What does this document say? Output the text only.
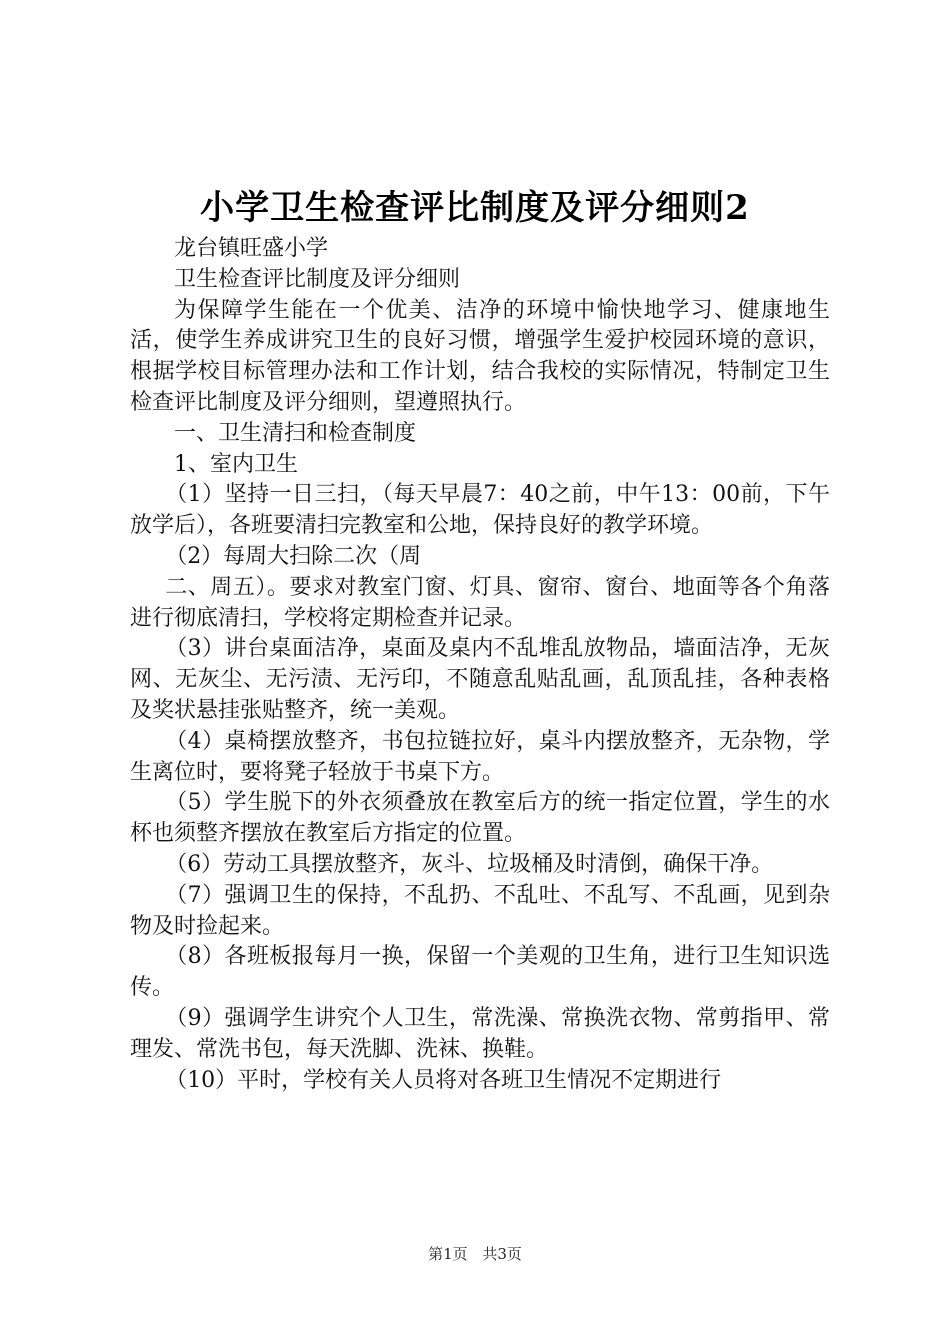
小学卫生检查评比制度及评分细则2

龙台镇旺盛小学

卫生检查评比制度及评分细则

为保障学生能在一个优美、洁净的环境中愉快地学习、健康地生活，使学生养成讲究卫生的良好习惯，增强学生爱护校园环境的意识，根据学校目标管理办法和工作计划，结合我校的实际情况，特制定卫生检查评比制度及评分细则，望遵照执行。

一、卫生清扫和检查制度

1、室内卫生

（1）坚持一日三扫，（每天早晨7：40之前，中午13：00前，下午放学后），各班要清扫完教室和公地，保持良好的教学环境。

（2）每周大扫除二次（周

二、周五）。要求对教室门窗、灯具、窗帘、窗台、地面等各个角落进行彻底清扫，学校将定期检查并记录。

（3）讲台桌面洁净，桌面及桌内不乱堆乱放物品，墙面洁净，无灰网、无灰尘、无污渍、无污印，不随意乱贴乱画，乱顶乱挂，各种表格及奖状悬挂张贴整齐，统一美观。

（4）桌椅摆放整齐，书包拉链拉好，桌斗内摆放整齐，无杂物，学生离位时，要将凳子轻放于书桌下方。

（5）学生脱下的外衣须叠放在教室后方的统一指定位置，学生的水杯也须整齐摆放在教室后方指定的位置。

（6）劳动工具摆放整齐，灰斗、垃圾桶及时清倒，确保干净。

（7）强调卫生的保持，不乱扔、不乱吐、不乱写、不乱画，见到杂物及时捡起来。

（8）各班板报每月一换，保留一个美观的卫生角，进行卫生知识选传。

（9）强调学生讲究个人卫生，常洗澡、常换洗衣物、常剪指甲、常理发、常洗书包，每天洗脚、洗袜、换鞋。

（10）平时，学校有关人员将对各班卫生情况不定期进行

第1页 共3页
